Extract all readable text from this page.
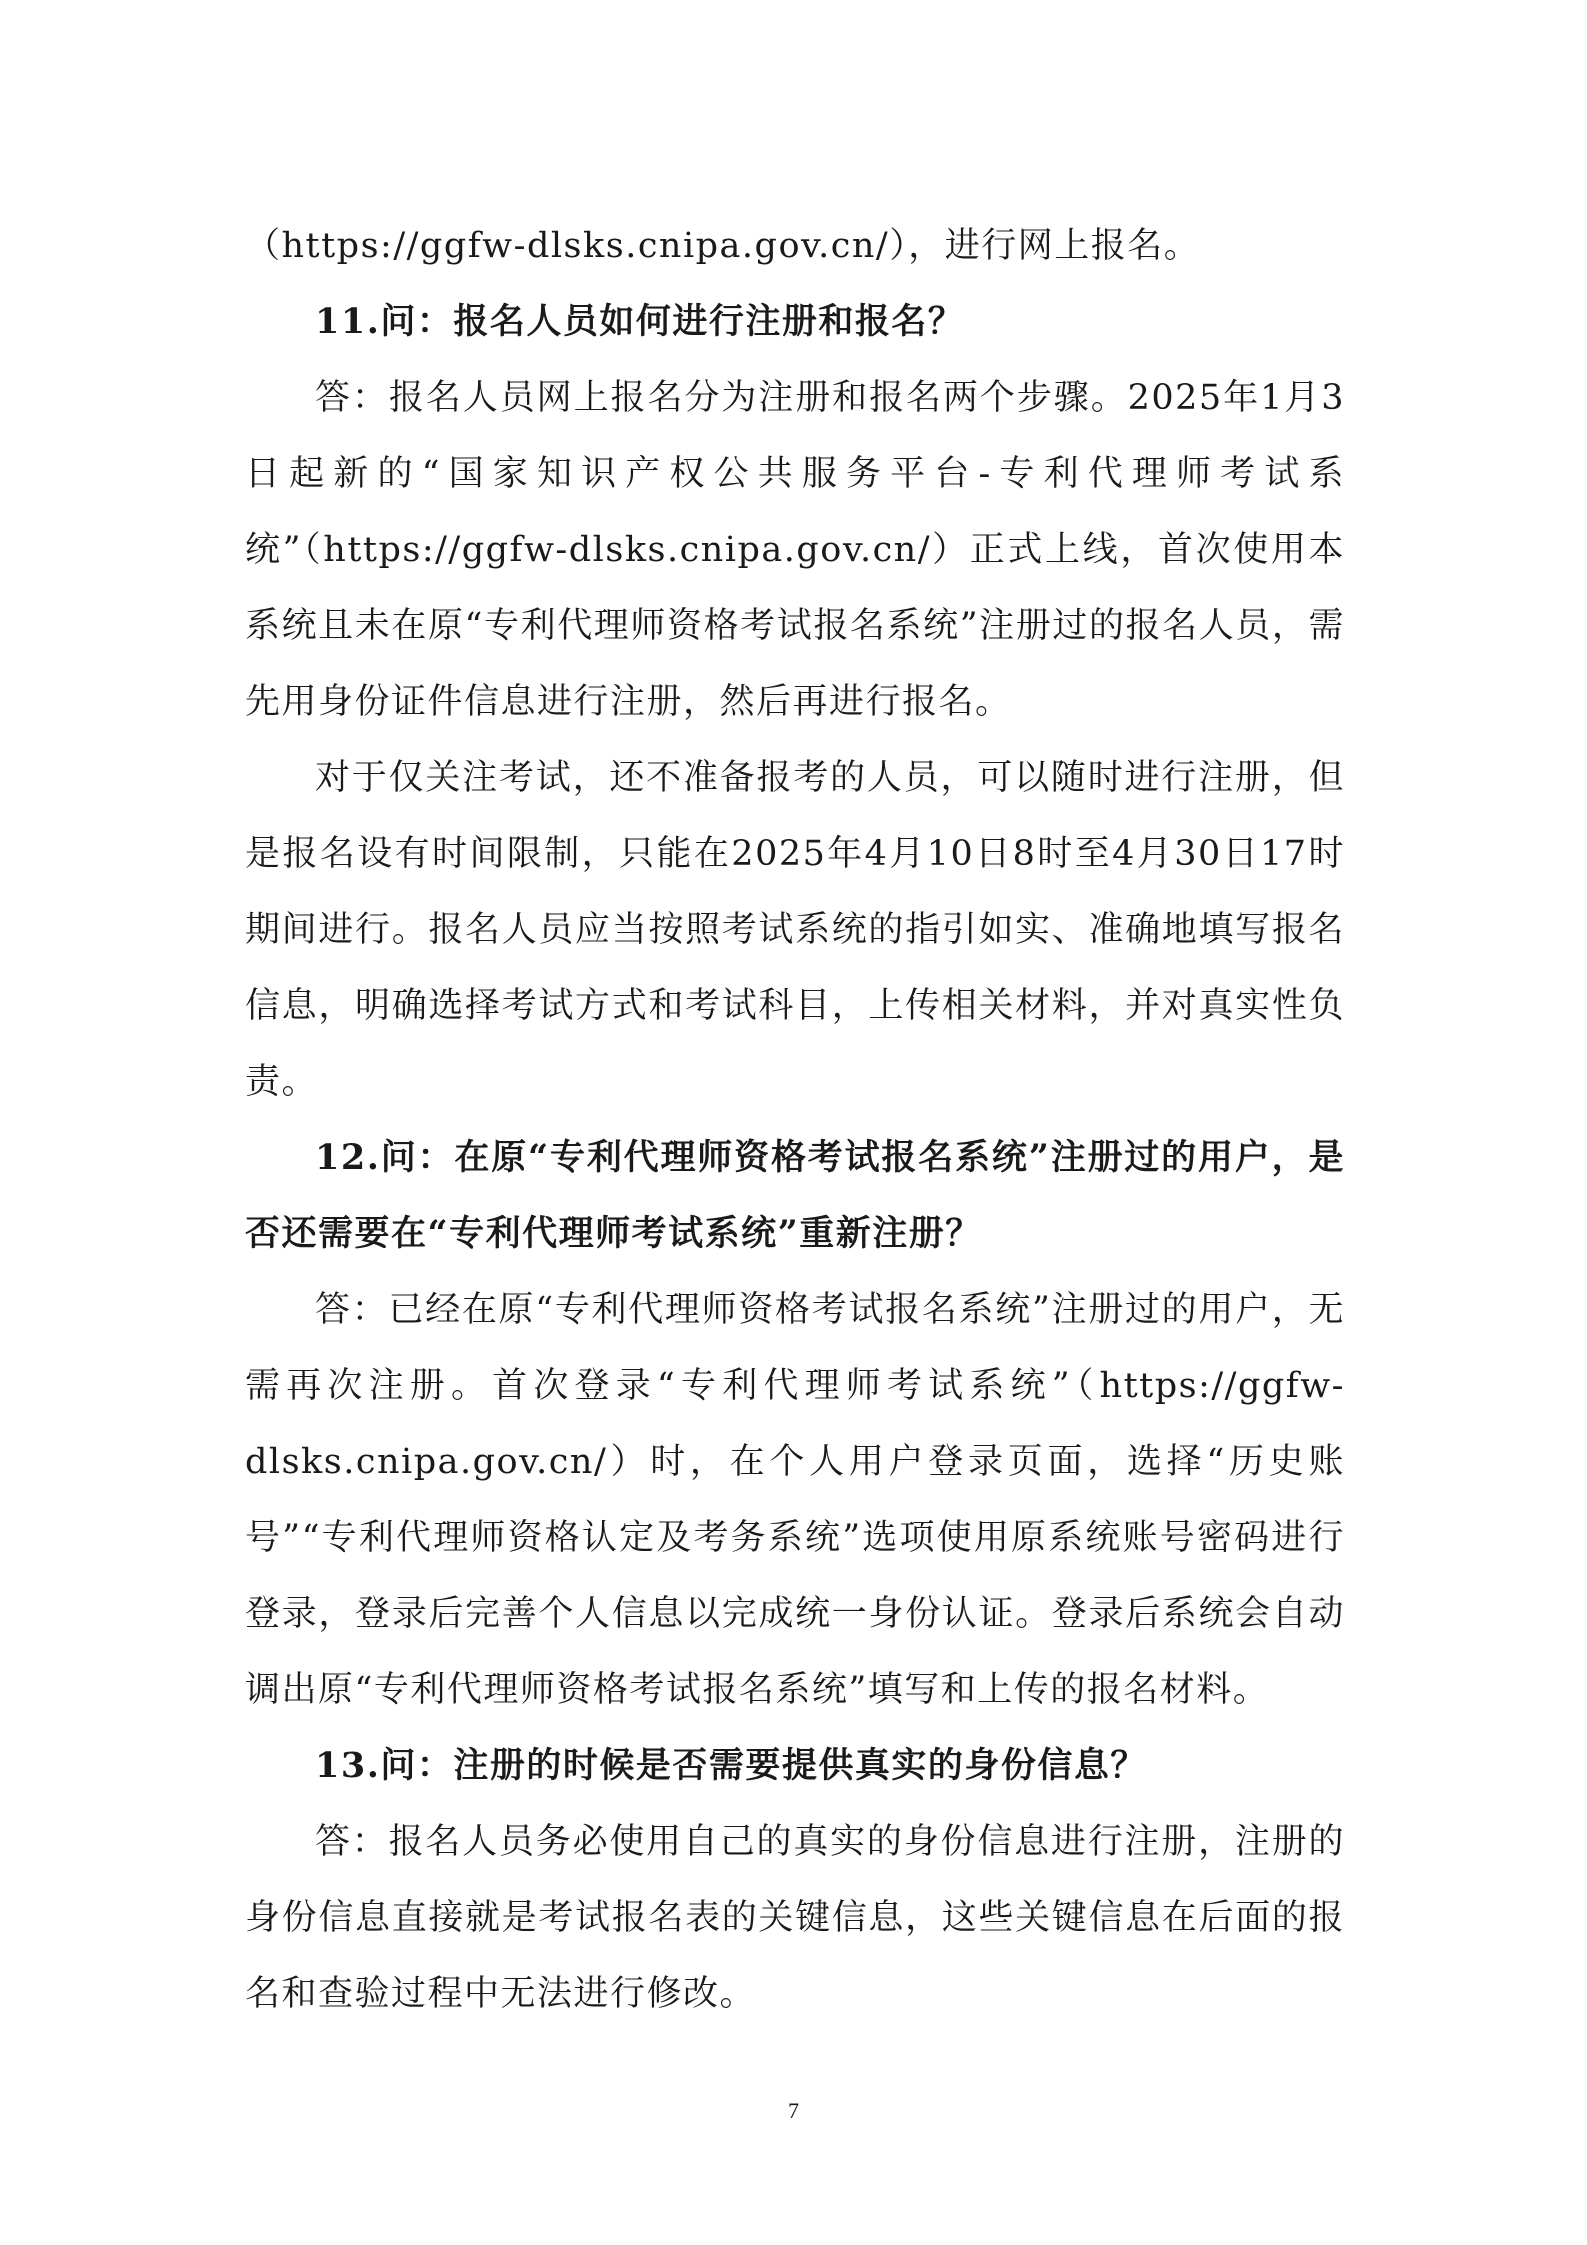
（https://ggfw-dlsks.cnipa.gov.cn/），进行网上报名。

11.问：报名人员如何进行注册和报名？

答：报名人员网上报名分为注册和报名两个步骤。2025年1月3日起新的“国家知识产权公共服务平台-专利代理师考试系统”（https://ggfw-dlsks.cnipa.gov.cn/）正式上线，首次使用本系统且未在原“专利代理师资格考试报名系统”注册过的报名人员，需先用身份证件信息进行注册，然后再进行报名。

对于仅关注考试，还不准备报考的人员，可以随时进行注册，但是报名设有时间限制，只能在2025年4月10日8时至4月30日17时期间进行。报名人员应当按照考试系统的指引如实、准确地填写报名信息，明确选择考试方式和考试科目，上传相关材料，并对真实性负责。

12.问：在原“专利代理师资格考试报名系统”注册过的用户，是否还需要在“专利代理师考试系统”重新注册？

答：已经在原“专利代理师资格考试报名系统”注册过的用户，无需再次注册。首次登录“专利代理师考试系统”（https://ggfw-dlsks.cnipa.gov.cn/）时，在个人用户登录页面，选择“历史账号”“专利代理师资格认定及考务系统”选项使用原系统账号密码进行登录，登录后完善个人信息以完成统一身份认证。登录后系统会自动调出原“专利代理师资格考试报名系统”填写和上传的报名材料。

13.问：注册的时候是否需要提供真实的身份信息？

答：报名人员务必使用自己的真实的身份信息进行注册，注册的身份信息直接就是考试报名表的关键信息，这些关键信息在后面的报名和查验过程中无法进行修改。

7
